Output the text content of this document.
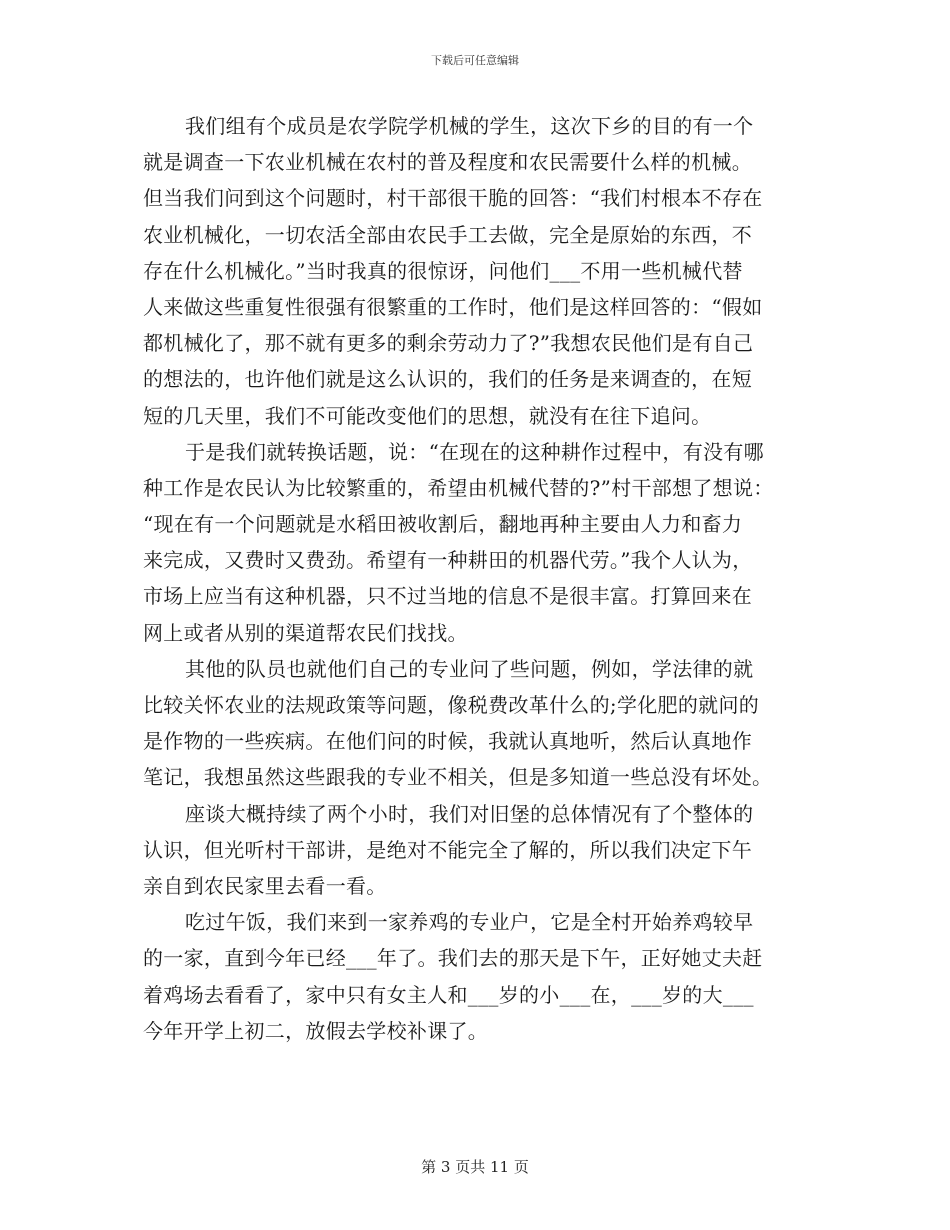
下载后可任意编辑
我们组有个成员是农学院学机械的学生，这次下乡的目的有一个
就是调查一下农业机械在农村的普及程度和农民需要什么样的机械。
但当我们问到这个问题时，村干部很干脆的回答：“我们村根本不存在
农业机械化，一切农活全部由农民手工去做，完全是原始的东西，不
存在什么机械化。”当时我真的很惊讶，问他们___不用一些机械代替
人来做这些重复性很强有很繁重的工作时，他们是这样回答的：“假如
都机械化了，那不就有更多的剩余劳动力了?”我想农民他们是有自己
的想法的，也许他们就是这么认识的，我们的任务是来调查的，在短
短的几天里，我们不可能改变他们的思想，就没有在往下追问。
于是我们就转换话题，说：“在现在的这种耕作过程中，有没有哪
种工作是农民认为比较繁重的，希望由机械代替的?”村干部想了想说：
“现在有一个问题就是水稻田被收割后，翻地再种主要由人力和畜力
来完成，又费时又费劲。希望有一种耕田的机器代劳。”我个人认为，
市场上应当有这种机器，只不过当地的信息不是很丰富。打算回来在
网上或者从别的渠道帮农民们找找。
其他的队员也就他们自己的专业问了些问题，例如，学法律的就
比较关怀农业的法规政策等问题，像税费改革什么的;学化肥的就问的
是作物的一些疾病。在他们问的时候，我就认真地听，然后认真地作
笔记，我想虽然这些跟我的专业不相关，但是多知道一些总没有坏处。
座谈大概持续了两个小时，我们对旧堡的总体情况有了个整体的
认识，但光听村干部讲，是绝对不能完全了解的，所以我们决定下午
亲自到农民家里去看一看。
吃过午饭，我们来到一家养鸡的专业户，它是全村开始养鸡较早
的一家，直到今年已经___年了。我们去的那天是下午，正好她丈夫赶
着鸡场去看看了，家中只有女主人和___岁的小___在，___岁的大___
今年开学上初二，放假去学校补课了。
第 3 页共 11 页
